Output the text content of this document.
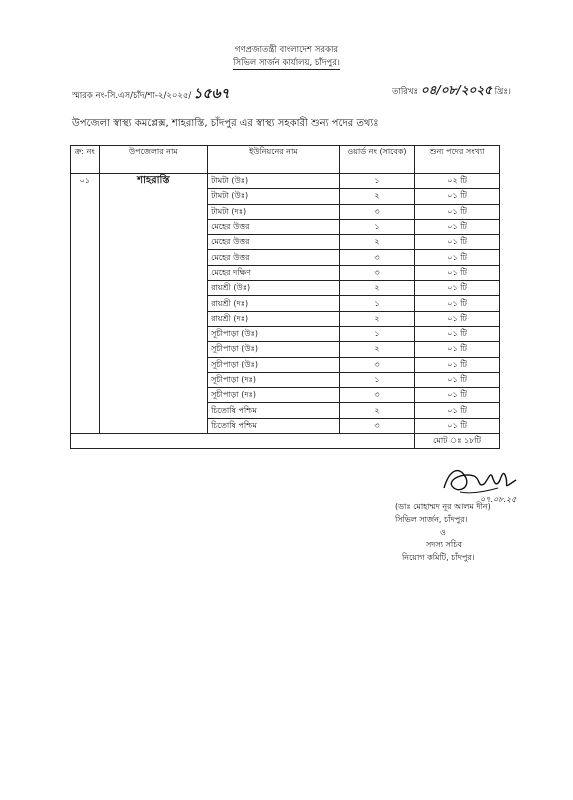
গণপ্রজাতন্ত্রী বাংলাদেশ সরকার
সিভিল সার্জন কার্যালয়, চাঁদপুর।
স্মারক নং-সি.এস/চাঁদ/শা-২/২০২৫/ ১৫৬৭	তারিখঃ ০৪/০৮/২০২৫ খ্রিঃ।
উপজেলা স্বাস্থ্য কমপ্লেক্স, শাহরাস্তি, চাঁদপুর এর স্বাস্থ্য সহকারী শুন্য পদের তথ্যঃ
ক্র: নং	উপজেলার নাম	ইউনিয়নের নাম	ওয়ার্ড নং (সাবেক)	শুন্য পদের সংখ্যা
০১	শাহরাস্তি	টামটা (উঃ)	১	০২ টি
		টামটা (উঃ)	২	০১ টি
		টামটা (দঃ)	৩	০১ টি
		মেহের উত্তর	১	০১ টি
		মেহের উত্তর	২	০১ টি
		মেহের উত্তর	৩	০১ টি
		মেহের দক্ষিণ	৩	০১ টি
		রায়শ্রী (উঃ)	২	০১ টি
		রায়শ্রী (দঃ)	১	০১ টি
		রায়শ্রী (দঃ)	২	০১ টি
		সূচীপাড়া (উঃ)	১	০১ টি
		সূচীপাড়া (উঃ)	২	০১ টি
		সূচীপাড়া (উঃ)	৩	০১ টি
		সূচীপাড়া (দঃ)	১	০১ টি
		সূচীপাড়া (দঃ)	৩	০১ টি
		চিতোষি পশ্চিম	২	০১ টি
		চিতোষি পশ্চিম	৩	০১ টি
				মোট ঃ ১৮টি
০৭.০৮.২৫
(ডাঃ মোহাম্মদ নূর আলম দীন)
সিভিল সার্জন, চাঁদপুর।
ও
সদস্য সচিব
নিয়োগ কমিটি, চাঁদপুর।
